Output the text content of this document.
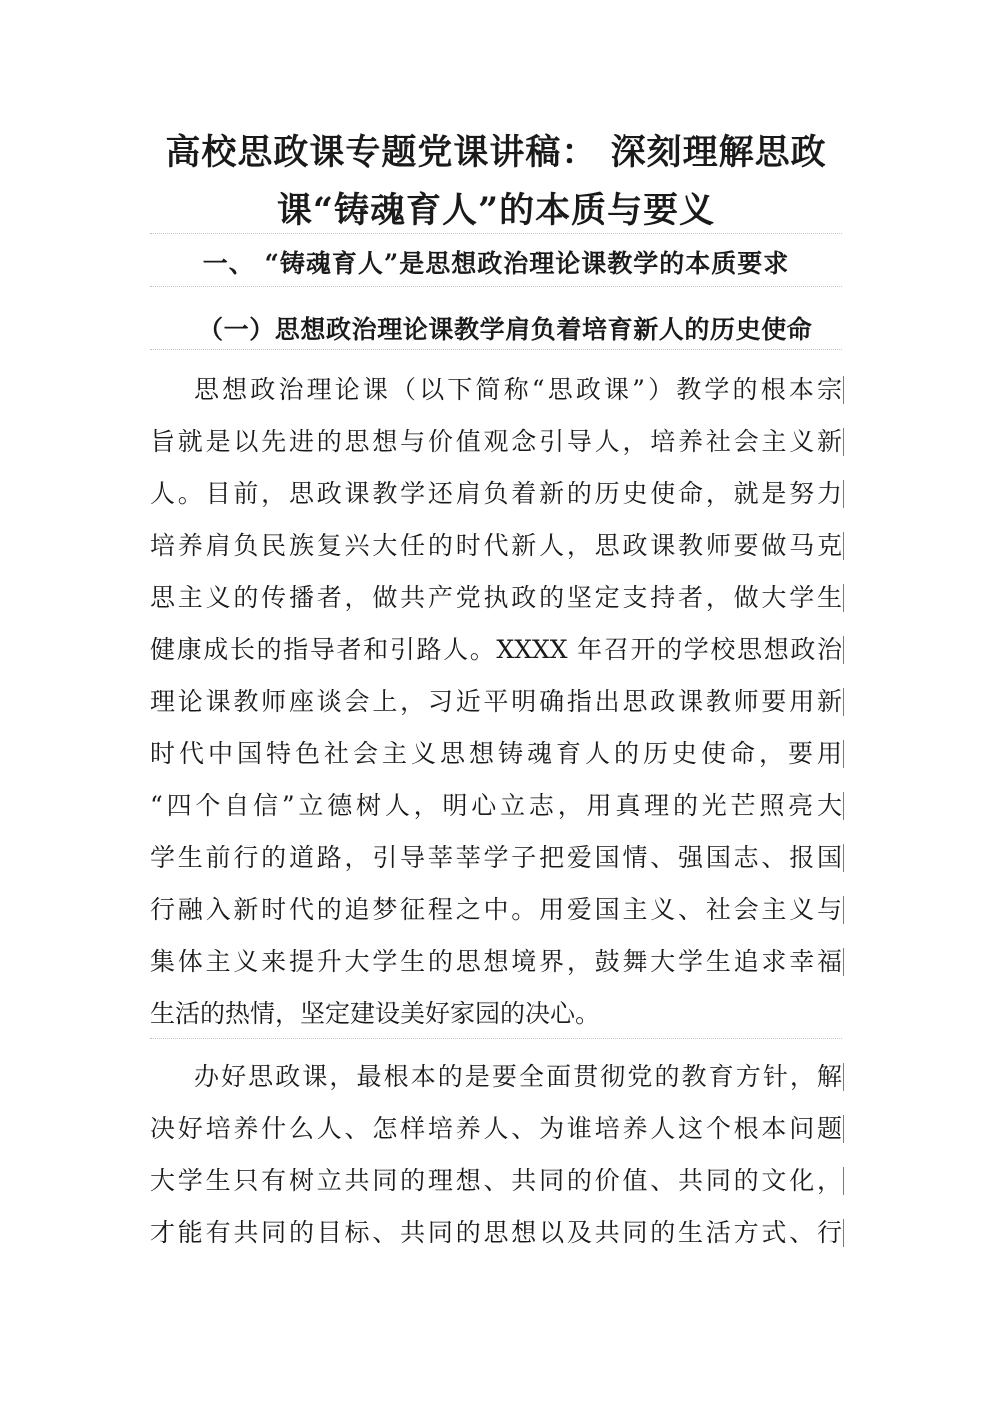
高校思政课专题党课讲稿： 深刻理解思政
课“铸魂育人”的本质与要义
一、 “铸魂育人”是思想政治理论课教学的本质要求
（一）思想政治理论课教学肩负着培育新人的历史使命
思想政治理论课（以下简称“思政课”）教学的根本宗
旨就是以先进的思想与价值观念引导人，培养社会主义新
人。目前，思政课教学还肩负着新的历史使命，就是努力
培养肩负民族复兴大任的时代新人，思政课教师要做马克
思主义的传播者，做共产党执政的坚定支持者，做大学生
健康成长的指导者和引路人。XXXX 年召开的学校思想政治
理论课教师座谈会上，习近平明确指出思政课教师要用新
时代中国特色社会主义思想铸魂育人的历史使命，要用
“四个自信”立德树人，明心立志，用真理的光芒照亮大
学生前行的道路，引导莘莘学子把爱国情、强国志、报国
行融入新时代的追梦征程之中。用爱国主义、社会主义与
集体主义来提升大学生的思想境界，鼓舞大学生追求幸福
生活的热情，坚定建设美好家园的决心。
办好思政课，最根本的是要全面贯彻党的教育方针，解
决好培养什么人、怎样培养人、为谁培养人这个根本问题
大学生只有树立共同的理想、共同的价值、共同的文化，
才能有共同的目标、共同的思想以及共同的生活方式、行
